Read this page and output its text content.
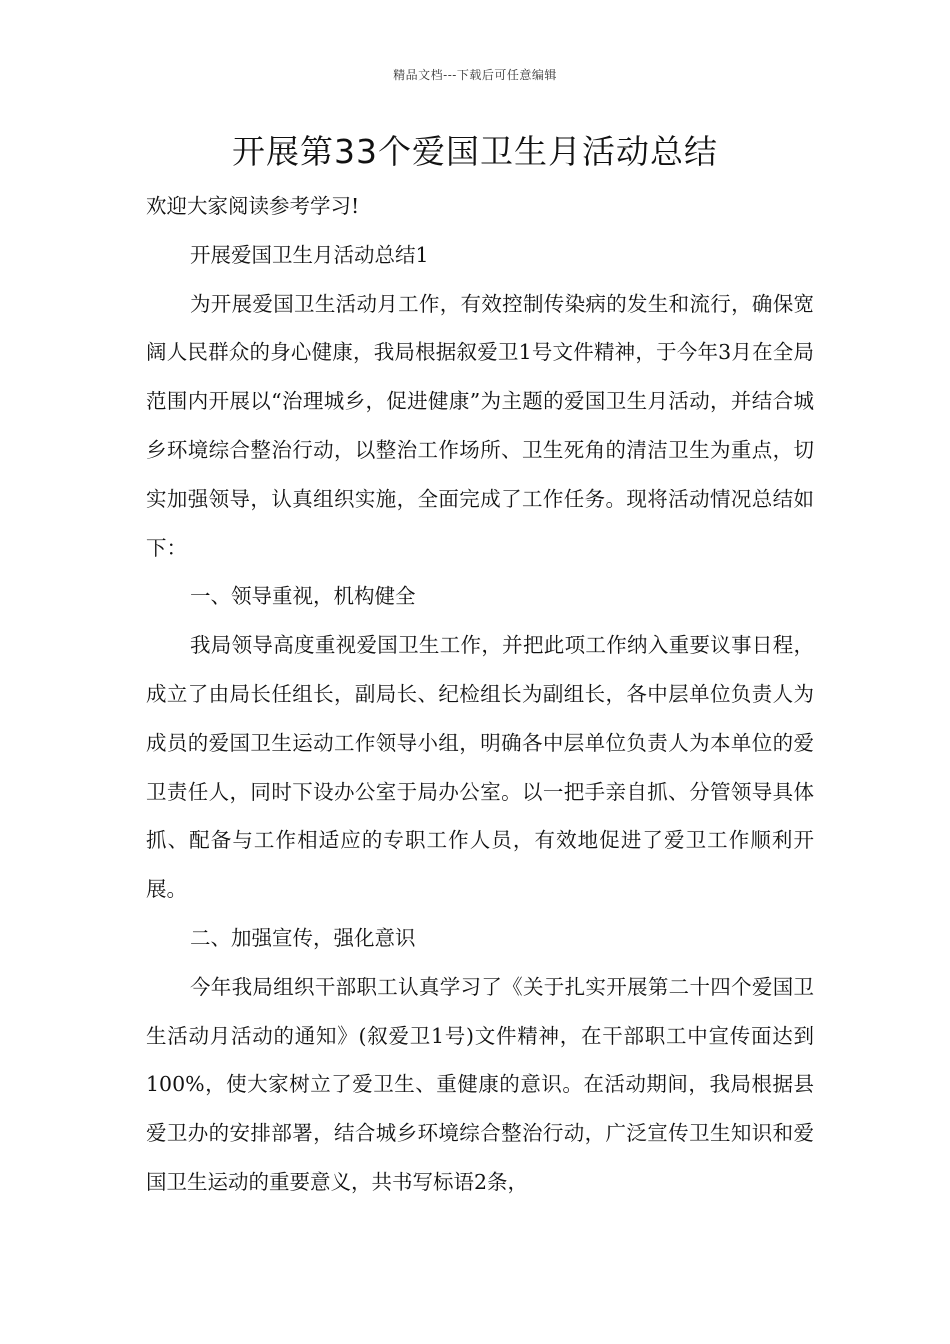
精品文档---下载后可任意编辑
开展第33个爱国卫生月活动总结

欢迎大家阅读参考学习!

开展爱国卫生月活动总结1

为开展爱国卫生活动月工作，有效控制传染病的发生和流行，确保宽阔人民群众的身心健康，我局根据叙爱卫1号文件精神，于今年3月在全局范围内开展以“治理城乡，促进健康”为主题的爱国卫生月活动，并结合城乡环境综合整治行动，以整治工作场所、卫生死角的清洁卫生为重点，切实加强领导，认真组织实施，全面完成了工作任务。现将活动情况总结如下：

一、领导重视，机构健全

我局领导高度重视爱国卫生工作，并把此项工作纳入重要议事日程，成立了由局长任组长，副局长、纪检组长为副组长，各中层单位负责人为成员的爱国卫生运动工作领导小组，明确各中层单位负责人为本单位的爱卫责任人，同时下设办公室于局办公室。以一把手亲自抓、分管领导具体抓、配备与工作相适应的专职工作人员，有效地促进了爱卫工作顺利开展。

二、加强宣传，强化意识

今年我局组织干部职工认真学习了《关于扎实开展第二十四个爱国卫生活动月活动的通知》(叙爱卫1号)文件精神，在干部职工中宣传面达到100%，使大家树立了爱卫生、重健康的意识。在活动期间，我局根据县爱卫办的安排部署，结合城乡环境综合整治行动，广泛宣传卫生知识和爱国卫生运动的重要意义，共书写标语2条，
